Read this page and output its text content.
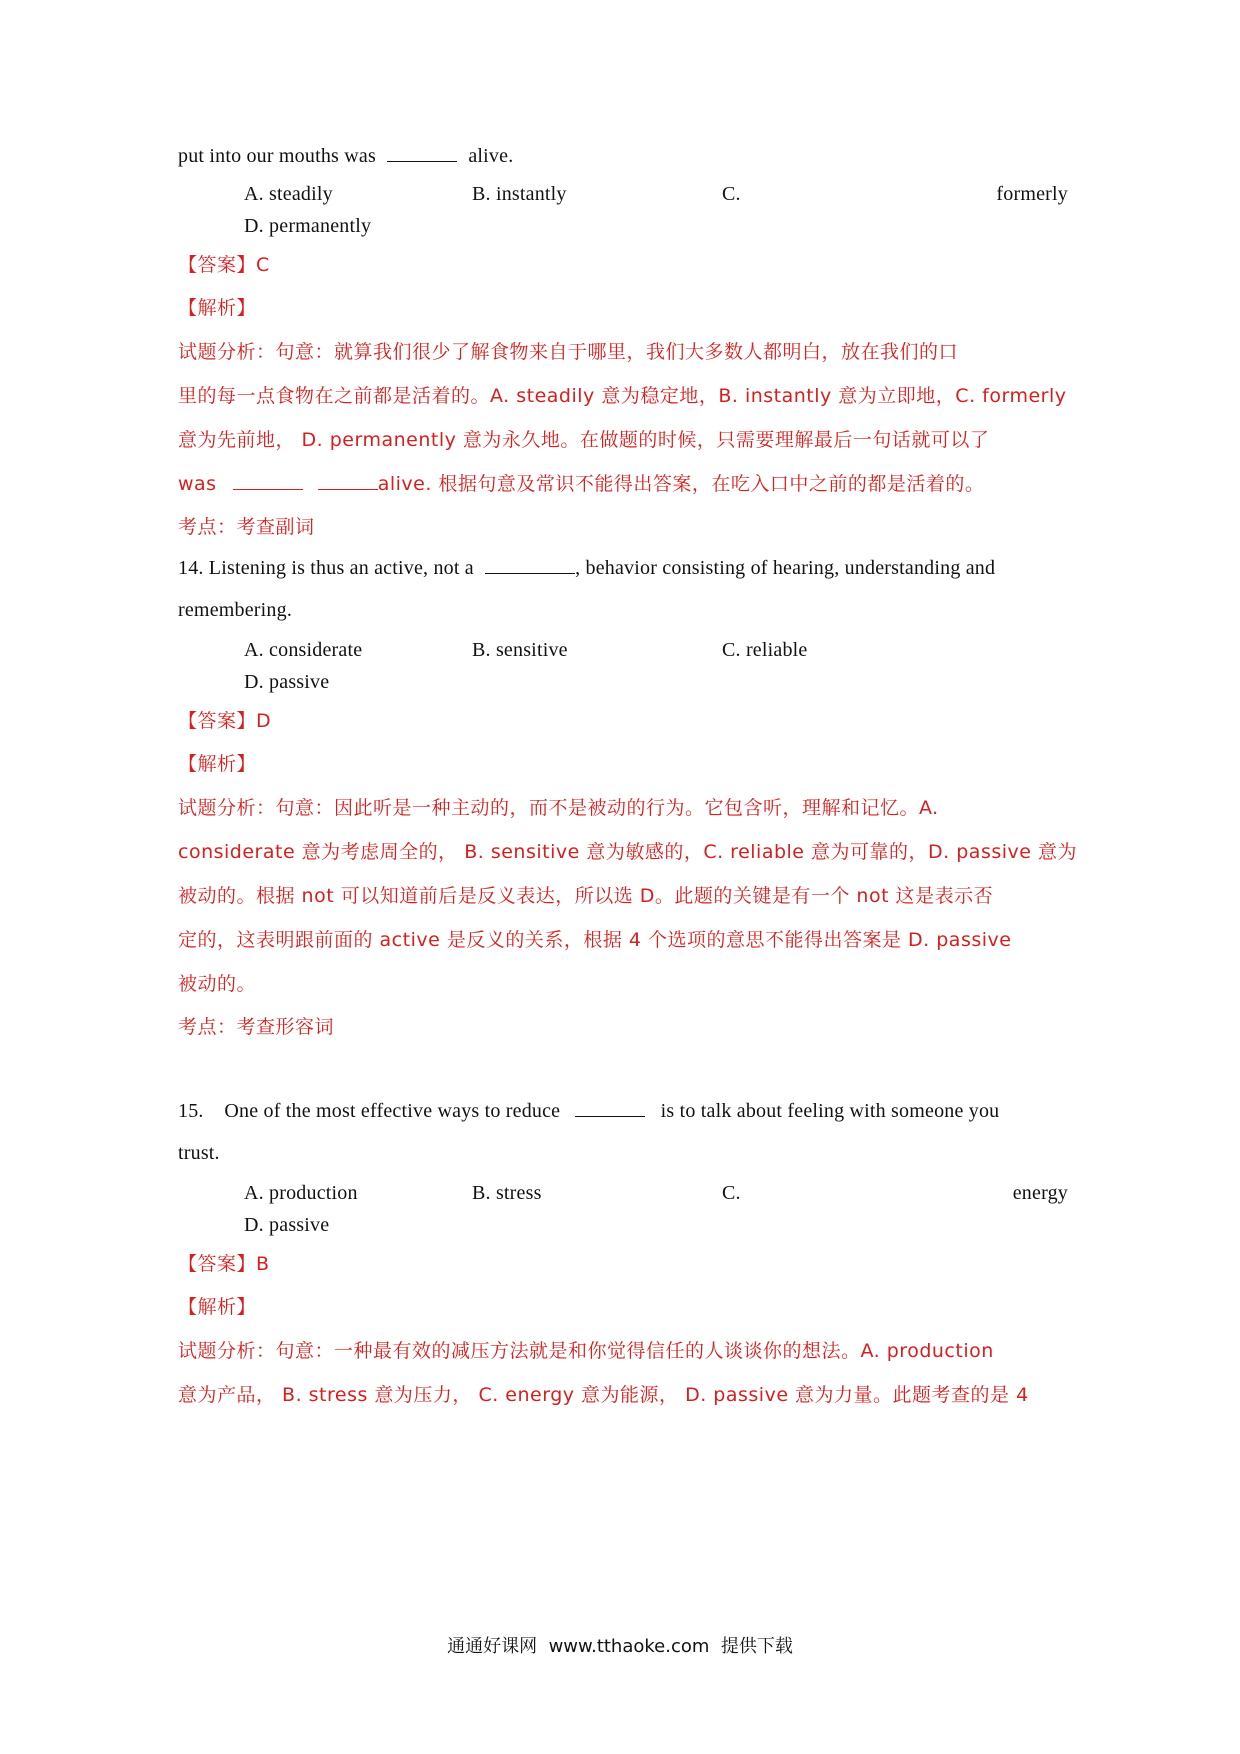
put into our mouths was	alive.
A. steadily	B. instantly	C.	formerly
D. permanently
【答案】C
【解析】
试题分析：句意：就算我们很少了解食物来自于哪里，我们大多数人都明白，放在我们的口
里的每一点食物在之前都是活着的。A. steadily 意为稳定地，B. instantly 意为立即地，C. formerly
意为先前地， D. permanently 意为永久地。在做题的时候，只需要理解最后一句话就可以了
was	alive. 根据句意及常识不能得出答案，在吃入口中之前的都是活着的。
考点：考查副词
14. Listening is thus an active, not a	, behavior consisting of hearing, understanding and
remembering.
A. considerate	B. sensitive	C. reliable
D. passive
【答案】D
【解析】
试题分析：句意：因此听是一种主动的，而不是被动的行为。它包含听，理解和记忆。A.
considerate 意为考虑周全的， B. sensitive 意为敏感的，C. reliable 意为可靠的，D. passive 意为
被动的。根据 not 可以知道前后是反义表达，所以选 D。此题的关键是有一个 not 这是表示否
定的，这表明跟前面的 active 是反义的关系，根据 4 个选项的意思不能得出答案是 D. passive
被动的。
考点：考查形容词
15.    One of the most effective ways to reduce	is to talk about feeling with someone you
trust.
A. production	B. stress	C.	energy
D. passive
【答案】B
【解析】
试题分析：句意：一种最有效的减压方法就是和你觉得信任的人谈谈你的想法。A. production
意为产品， B. stress 意为压力， C. energy 意为能源， D. passive 意为力量。此题考查的是 4
通通好课网  www.tthaoke.com  提供下载
